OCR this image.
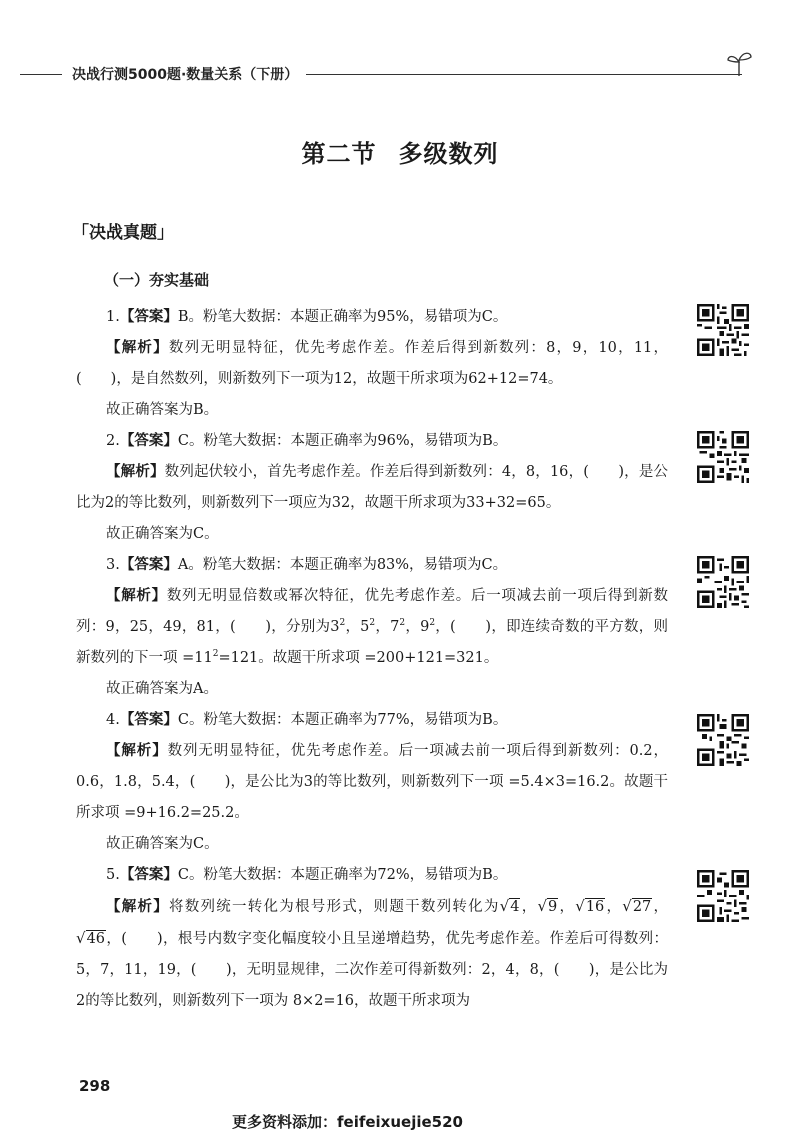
决战行测5000题·数量关系（下册）
第二节 多级数列
「决战真题」
（一）夯实基础

1.【答案】B。粉笔大数据：本题正确率为95%，易错项为C。

【解析】数列无明显特征，优先考虑作差。作差后得到新数列：8，9，10，11，(　　)，是自然数列，则新数列下一项为12，故题干所求项为62+12=74。

故正确答案为B。

2.【答案】C。粉笔大数据：本题正确率为96%，易错项为B。

【解析】数列起伏较小，首先考虑作差。作差后得到新数列：4，8，16，(　　)，是公比为2的等比数列，则新数列下一项应为32，故题干所求项为33+32=65。

故正确答案为C。

3.【答案】A。粉笔大数据：本题正确率为83%，易错项为C。

【解析】数列无明显倍数或幂次特征，优先考虑作差。后一项减去前一项后得到新数列：9，25，49，81，(　　)，分别为$3^2$，$5^2$，$7^2$，$9^2$，(　　)，即连续奇数的平方数，则新数列的下一项 $=11^2=121$。故题干所求项 =200+121=321。

故正确答案为A。

4.【答案】C。粉笔大数据：本题正确率为77%，易错项为B。

【解析】数列无明显特征，优先考虑作差。后一项减去前一项后得到新数列：0.2，0.6，1.8，5.4，(　　)，是公比为3的等比数列，则新数列下一项 =5.4×3=16.2。故题干所求项 =9+16.2=25.2。

故正确答案为C。

5.【答案】C。粉笔大数据：本题正确率为72%，易错项为B。

【解析】将数列统一转化为根号形式，则题干数列转化为√4，√9，√16，√27，√46，(　　)，根号内数字变化幅度较小且呈递增趋势，优先考虑作差。作差后可得数列：5，7，11，19，(　　)，无明显规律，二次作差可得新数列：2，4，8，(　　)，是公比为2的等比数列，则新数列下一项为 8×2=16，故题干所求项为

298
更多资料添加：feifeixuejie520
